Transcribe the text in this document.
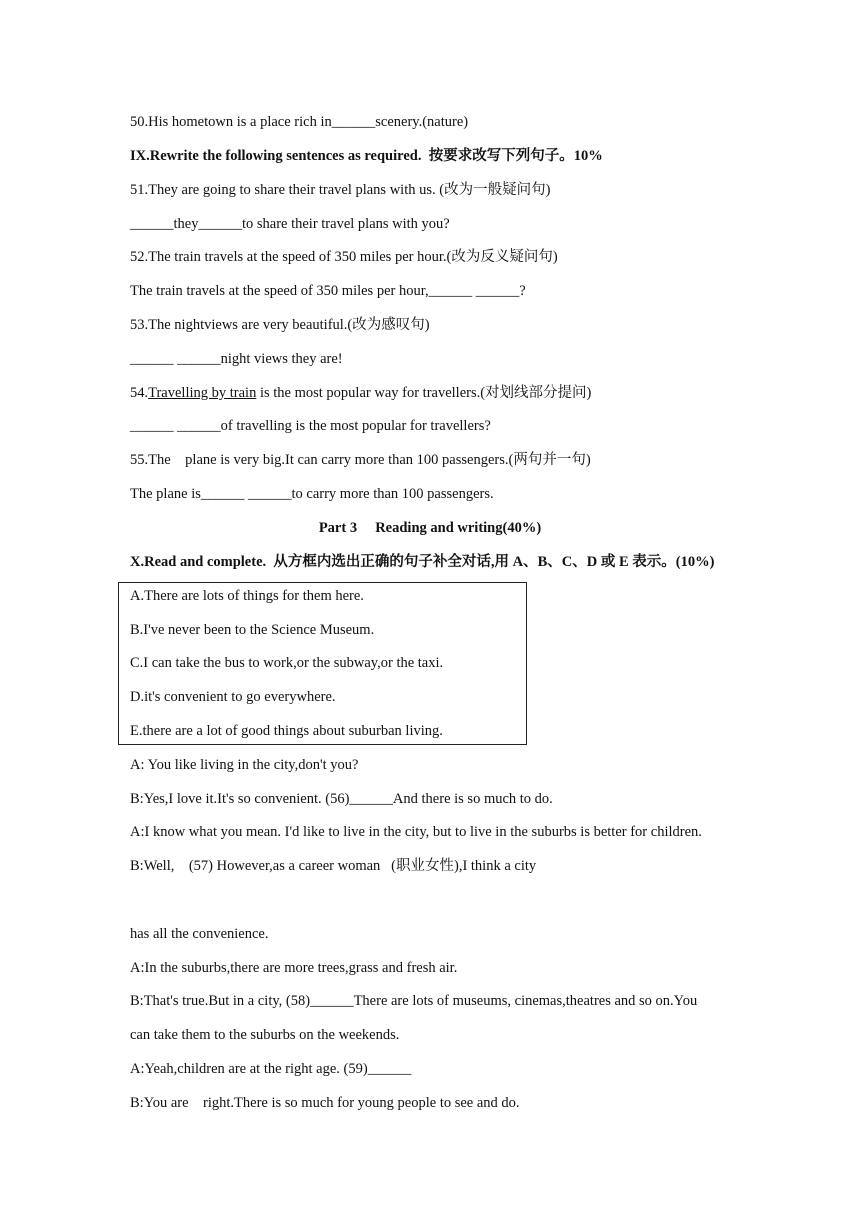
50.His hometown is a place rich in______scenery.(nature)
IX.Rewrite the following sentences as required.  按要求改写下列句子。10%
51.They are going to share their travel plans with us. (改为一般疑问句)
______they______to share their travel plans with you?
52.The train travels at the speed of 350 miles per hour.(改为反义疑问句)
The train travels at the speed of 350 miles per hour,______ ______?
53.The nightviews are very beautiful.(改为感叹句)
______ ______night views they are!
54.Travelling by train is the most popular way for travellers.(对划线部分提问)
______ ______of travelling is the most popular for travellers?
55.The    plane is very big.It can carry more than 100 passengers.(两句并一句)
The plane is______ ______to carry more than 100 passengers.
Part 3     Reading and writing(40%)
X.Read and complete.  从方框内选出正确的句子补全对话,用 A、B、C、D 或 E 表示。(10%)
A.There are lots of things for them here.
B.I've never been to the Science Museum.
C.I can take the bus to work,or the subway,or the taxi.
D.it's convenient to go everywhere.
E.there are a lot of good things about suburban living.
A: You like living in the city,don't you?
B:Yes,I love it.It's so convenient. (56)______And there is so much to do.
A:I know what you mean. I'd like to live in the city, but to live in the suburbs is better for children.
B:Well,    (57) However,as a career woman   (职业女性),I think a city
has all the convenience.
A:In the suburbs,there are more trees,grass and fresh air.
B:That's true.But in a city, (58)______There are lots of museums, cinemas,theatres and so on.You
can take them to the suburbs on the weekends.
A:Yeah,children are at the right age. (59)______
B:You are    right.There is so much for young people to see and do.
